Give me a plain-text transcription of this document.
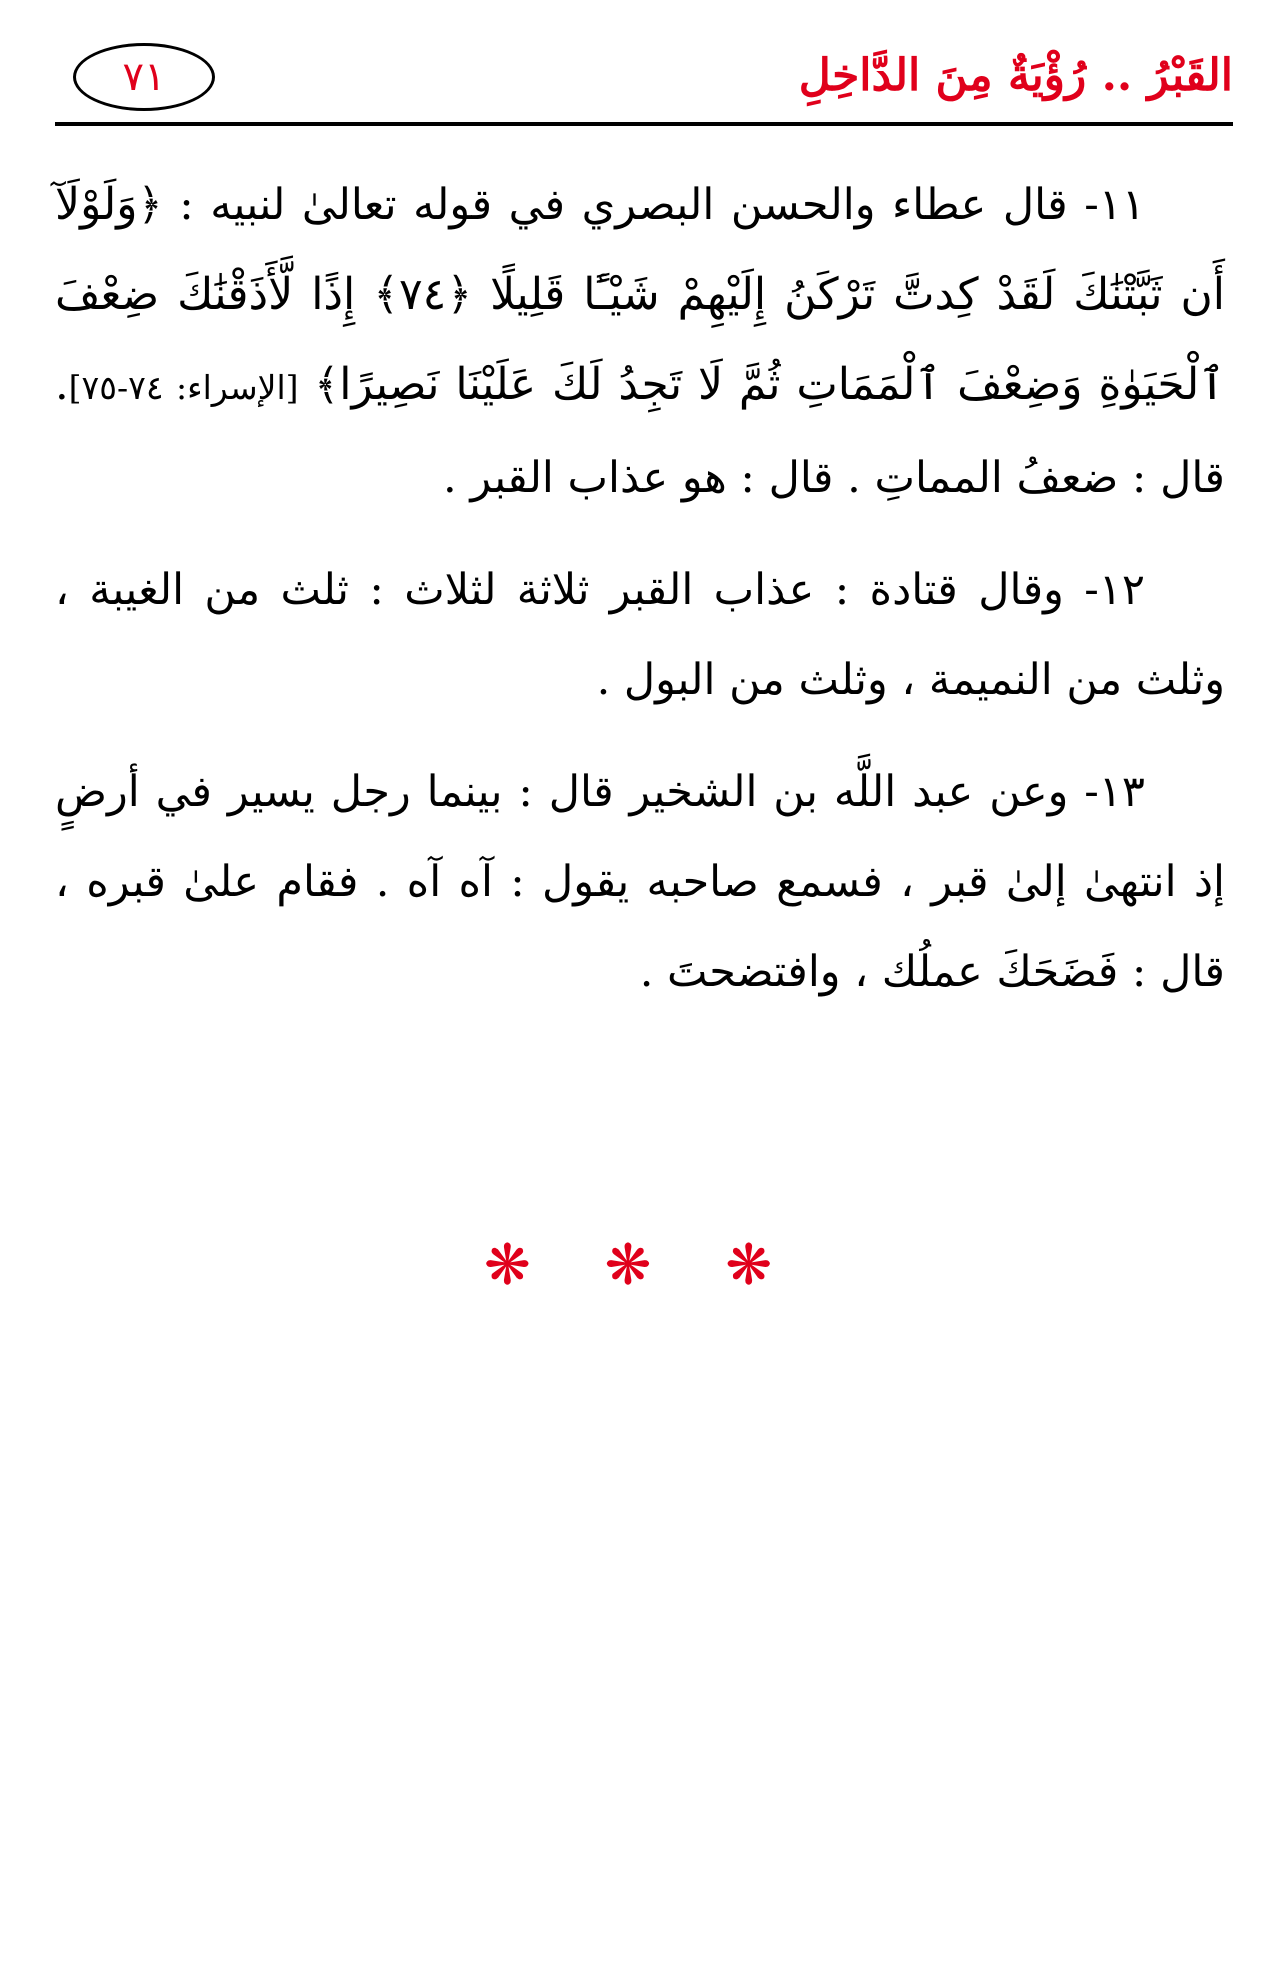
القَبْرُ .. رُؤْيَةٌ مِنَ الدَّاخِلِ
٧١

١١- قال عطاء والحسن البصري في قوله تعالىٰ لنبيه : ﴿وَلَوْلَآ أَن ثَبَّتْنَٰكَ لَقَدْ كِدتَّ تَرْكَنُ إِلَيْهِمْ شَيْـًٔا قَلِيلًا ﴿٧٤﴾ إِذًا لَّأَذَقْنَٰكَ ضِعْفَ ٱلْحَيَوٰةِ وَضِعْفَ ٱلْمَمَاتِ ثُمَّ لَا تَجِدُ لَكَ عَلَيْنَا نَصِيرًا﴾ [الإسراء: ٧٤-٧٥]. قال : ضعفُ المماتِ . قال : هو عذاب القبر .

١٢- وقال قتادة : عذاب القبر ثلاثة لثلاث : ثلث من الغيبة ، وثلث من النميمة ، وثلث من البول .

١٣- وعن عبد اللَّه بن الشخير قال : بينما رجل يسير في أرضٍ إذ انتهىٰ إلىٰ قبر ، فسمع صاحبه يقول : آه آه . فقام علىٰ قبره ، قال : فَضَحَكَ عملُك ، وافتضحتَ .

❋ ❋ ❋
